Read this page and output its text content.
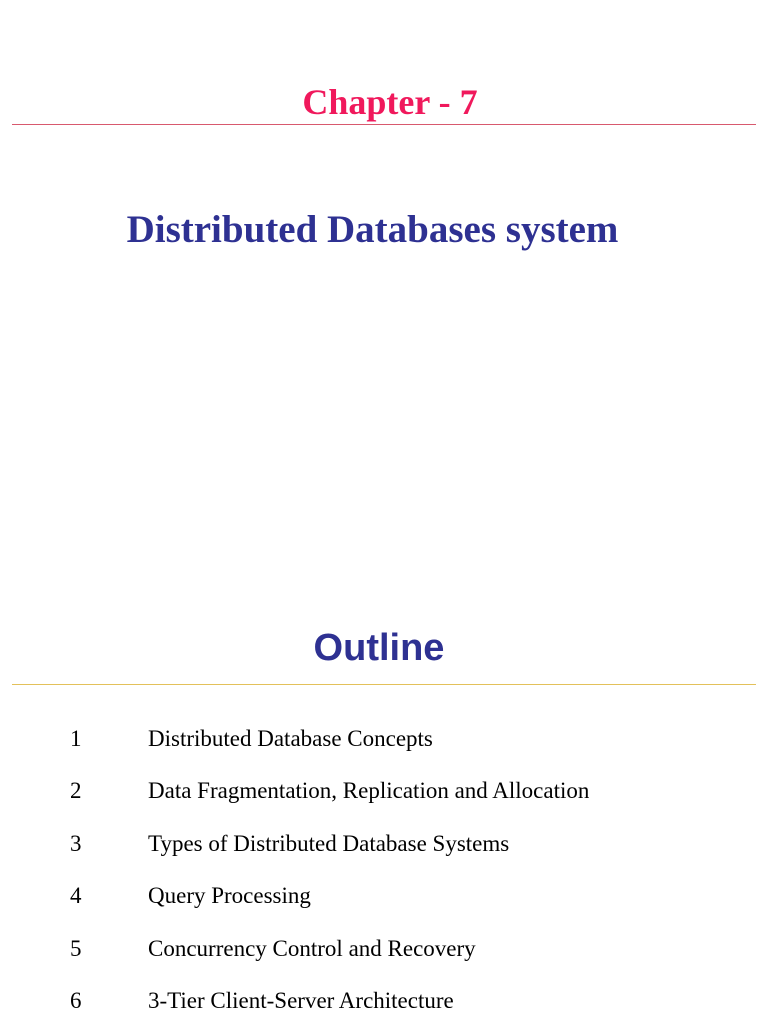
Chapter - 7
Distributed Databases system
Outline
1	Distributed Database Concepts
2	Data Fragmentation, Replication and Allocation
3	Types of Distributed Database Systems
4	Query Processing
5	Concurrency Control and Recovery
6	3-Tier Client-Server Architecture
